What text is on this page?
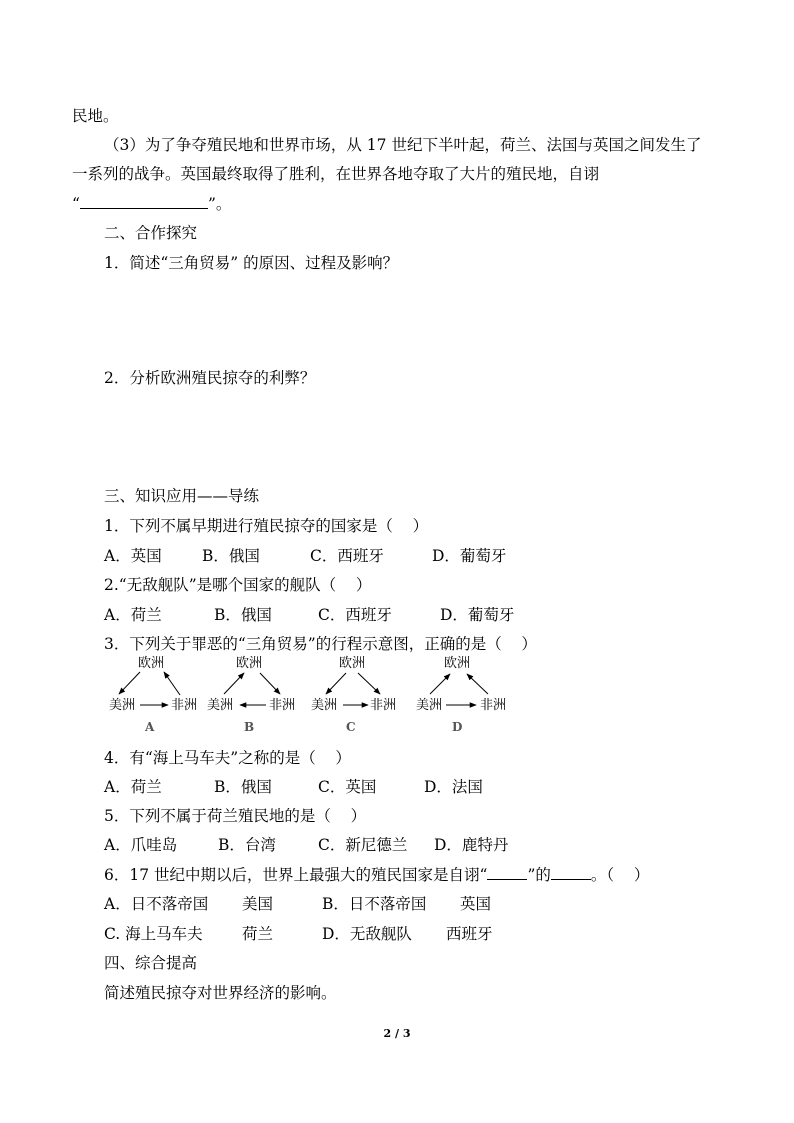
民地。
（3）为了争夺殖民地和世界市场，从 17 世纪下半叶起，荷兰、法国与英国之间发生了
一系列的战争。英国最终取得了胜利，在世界各地夺取了大片的殖民地，自诩
“	”。
二、合作探究
1．简述“三角贸易” 的原因、过程及影响？
2．分析欧洲殖民掠夺的利弊？
三、知识应用——导练
1．下列不属早期进行殖民掠夺的国家是（    ）
A．英国	B．俄国	C．西班牙	D．葡萄牙
2.“无敌舰队”是哪个国家的舰队（    ）
A．荷兰	B．俄国	C．西班牙	D．葡萄牙
3．下列关于罪恶的“三角贸易”的行程示意图，正确的是（    ）
欧洲
美洲	非洲
A
欧洲
美洲	非洲
B
欧洲
美洲	非洲
C
欧洲
美洲	非洲
D
4．有“海上马车夫”之称的是（    ）
A．荷兰	B．俄国	C．英国	D．法国
5．下列不属于荷兰殖民地的是（    ）
A．爪哇岛	B．台湾	C．新尼德兰 D．鹿特丹
6．17 世纪中期以后，世界上最强大的殖民国家是自诩“	”的	。（    ）
A．日不落帝国 美国	B．日不落帝国 英国
C. 海上马车夫	荷兰	D．无敌舰队 西班牙
四、综合提高
简述殖民掠夺对世界经济的影响。
2 / 3
